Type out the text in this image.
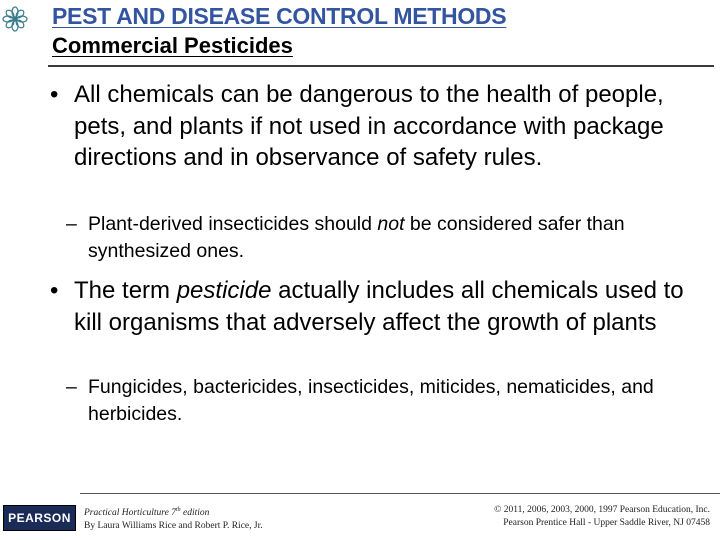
PEST AND DISEASE CONTROL METHODS
Commercial Pesticides
• All chemicals can be dangerous to the health of people, pets, and plants if not used in accordance with package directions and in observance of safety rules.
– Plant-derived insecticides should not be considered safer than synthesized ones.
• The term pesticide actually includes all chemicals used to kill organisms that adversely affect the growth of plants
– Fungicides, bactericides, insecticides, miticides, nematicides, and herbicides.
PEARSON Practical Horticulture 7th edition
By Laura Williams Rice and Robert P. Rice, Jr.
© 2011, 2006, 2003, 2000, 1997 Pearson Education, Inc.
Pearson Prentice Hall - Upper Saddle River, NJ 07458
